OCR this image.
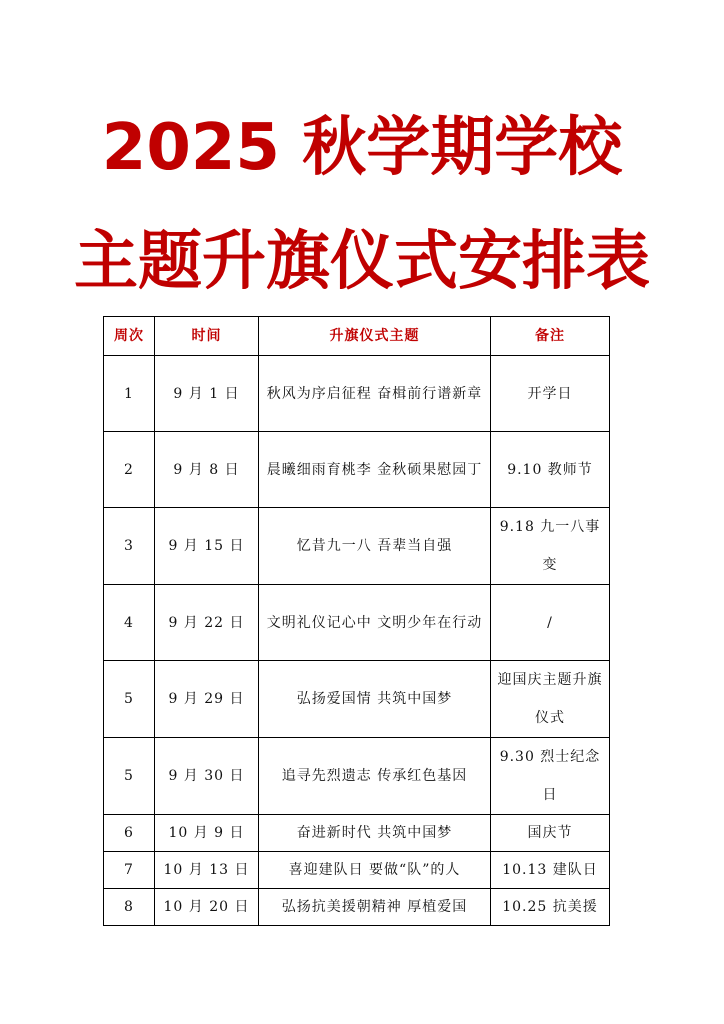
2025 秋学期学校
主题升旗仪式安排表
周次	时间	升旗仪式主题	备注
1	9 月 1 日	秋风为序启征程 奋楫前行谱新章	开学日
2	9 月 8 日	晨曦细雨育桃李 金秋硕果慰园丁	9.10 教师节
3	9 月 15 日	忆昔九一八 吾辈当自强	9.18 九一八事变
4	9 月 22 日	文明礼仪记心中 文明少年在行动	/
5	9 月 29 日	弘扬爱国情 共筑中国梦	迎国庆主题升旗仪式
5	9 月 30 日	追寻先烈遗志 传承红色基因	9.30 烈士纪念日
6	10 月 9 日	奋进新时代 共筑中国梦	国庆节
7	10 月 13 日	喜迎建队日 要做“队”的人	10.13 建队日
8	10 月 20 日	弘扬抗美援朝精神 厚植爱国	10.25 抗美援
